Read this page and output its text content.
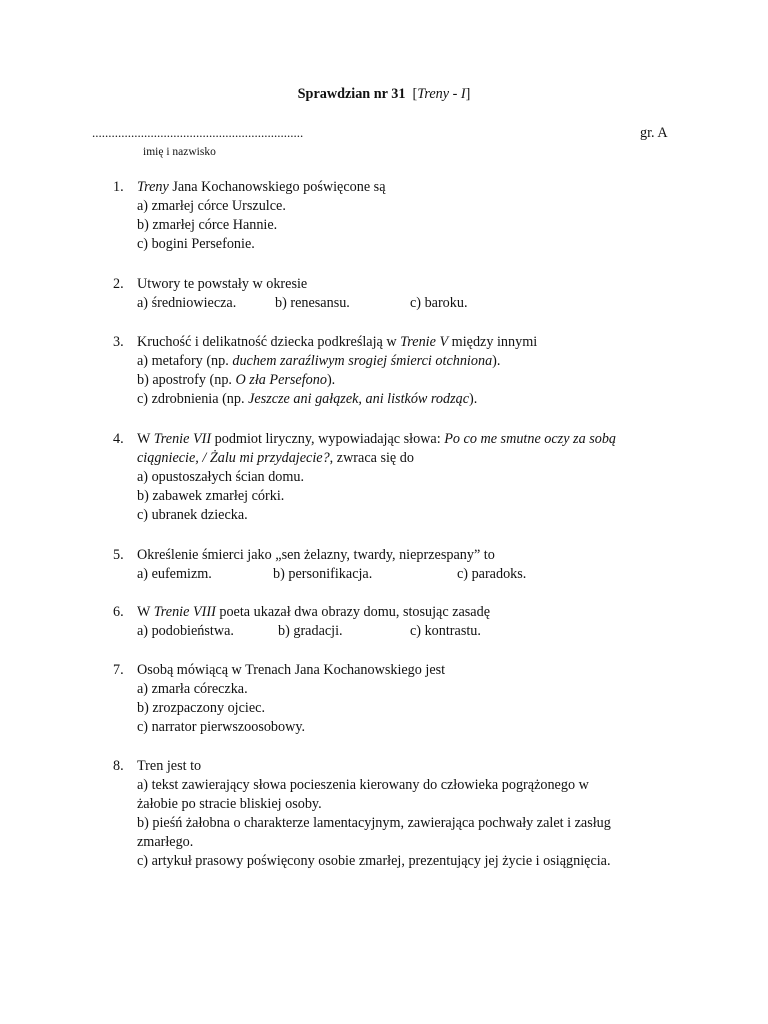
Sprawdzian nr 31 [Treny - I]
.................................................................	gr. A
imię i nazwisko
1. Treny Jana Kochanowskiego poświęcone są
a) zmarłej córce Urszulce.
b) zmarłej córce Hannie.
c) bogini Persefonie.
2. Utwory te powstały w okresie
a) średniowiecza.	b) renesansu.	c) baroku.
3. Kruchość i delikatność dziecka podkreślają w Trenie V między innymi
a) metafory (np. duchem zaraźliwym srogiej śmierci otchniona).
b) apostrofy (np. O zła Persefono).
c) zdrobnienia (np. Jeszcze ani gałązek, ani listków rodząc).
4. W Trenie VII podmiot liryczny, wypowiadając słowa: Po co me smutne oczy za sobą
ciągniecie, / Żalu mi przydajecie?, zwraca się do
a) opustoszałych ścian domu.
b) zabawek zmarłej córki.
c) ubranek dziecka.
5. Określenie śmierci jako „sen żelazny, twardy, nieprzespany” to
a) eufemizm.	b) personifikacja.	c) paradoks.
6. W Trenie VIII poeta ukazał dwa obrazy domu, stosując zasadę
a) podobieństwa.	b) gradacji.	c) kontrastu.
7. Osobą mówiącą w Trenach Jana Kochanowskiego jest
a) zmarła córeczka.
b) zrozpaczony ojciec.
c) narrator pierwszoosobowy.
8. Tren jest to
a) tekst zawierający słowa pocieszenia kierowany do człowieka pogrążonego w
żałobie po stracie bliskiej osoby.
b) pieśń żałobna o charakterze lamentacyjnym, zawierająca pochwały zalet i zasług
zmarłego.
c) artykuł prasowy poświęcony osobie zmarłej, prezentujący jej życie i osiągnięcia.
